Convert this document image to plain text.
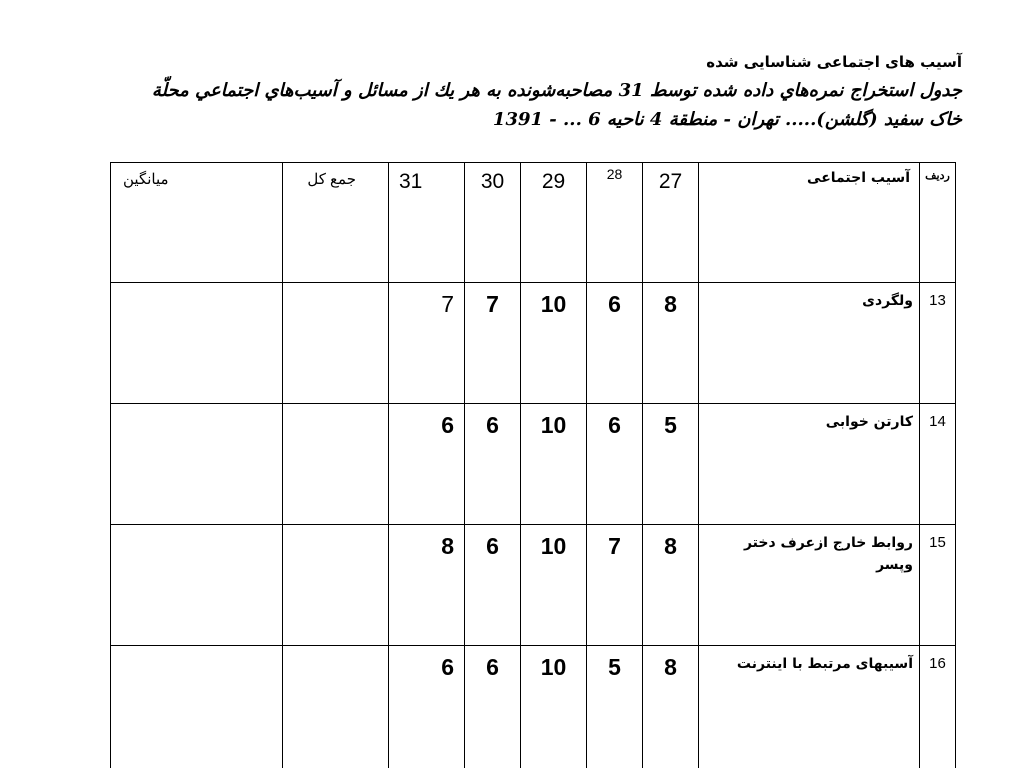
آسیب های اجتماعی شناسایی شده
جدول استخراج نمره‌هاي داده شده توسط 31 مصاحبه‌شونده به هر يك از مسائل و آسیب‌هاي اجتماعي محلّة
خاک سفید (گلشن)..... تهران - منطقة 4 ناحیه 6 ... - 1391
ردیف	آسیب اجتماعی	27	28	29	30	31	جمع کل	میانگین

13	ولگردی	8	6	10	7	7		

14	کارتن خوابی	5	6	10	6	6		

15	روابط خارج ازعرف دختر وپسر	8	7	10	6	8		

16	آسیبهای مرتبط با اینترنت	8	5	10	6	6		
